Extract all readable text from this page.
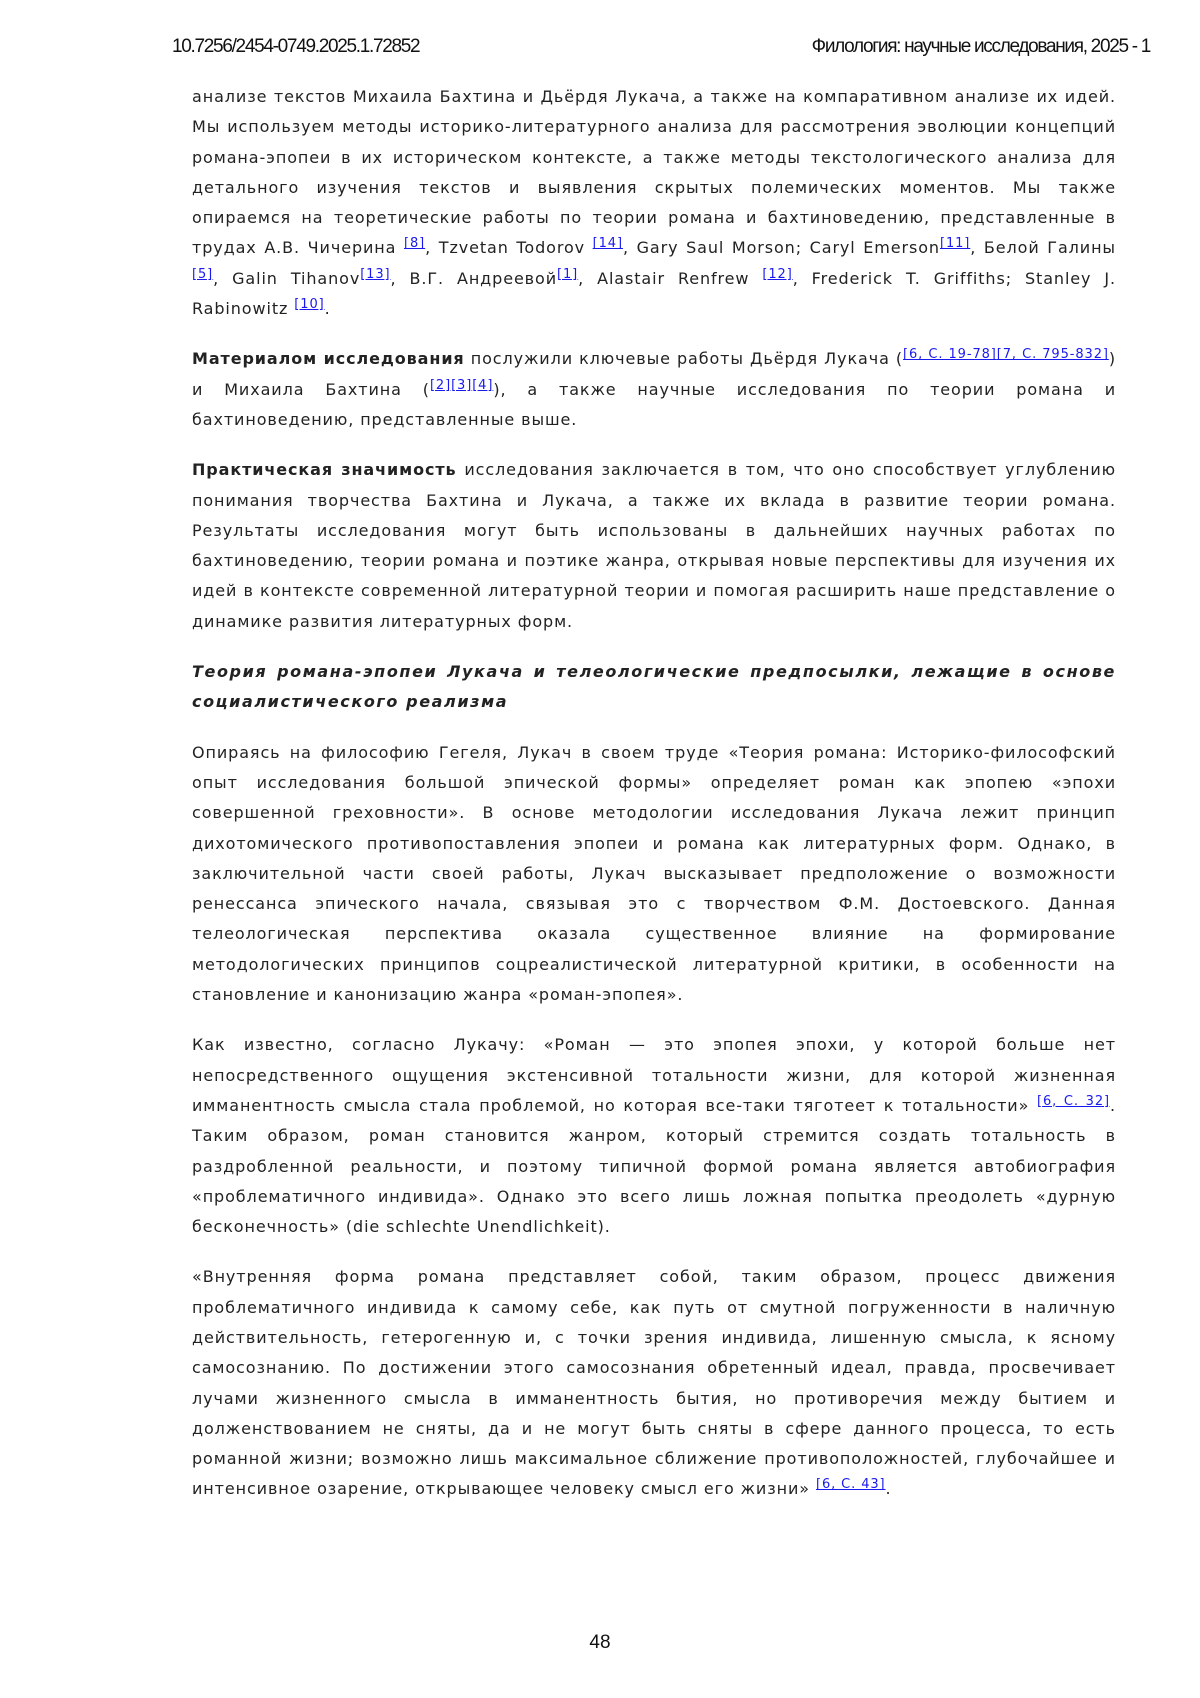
10.7256/2454-0749.2025.1.72852	Филология: научные исследования, 2025 - 1

анализе текстов Михаила Бахтина и Дьёрдя Лукача, а также на компаративном анализе их идей. Мы используем методы историко-литературного анализа для рассмотрения эволюции концепций романа-эпопеи в их историческом контексте, а также методы текстологического анализа для детального изучения текстов и выявления скрытых полемических моментов. Мы также опираемся на теоретические работы по теории романа и бахтиноведению, представленные в трудах А.В. Чичерина [8], Tzvetan Todorov [14], Gary Saul Morson; Caryl Emerson[11], Белой Галины [5], Galin Tihanov[13], В.Г. Андреевой[1], Alastair Renfrew [12], Frederick T. Griffiths; Stanley J. Rabinowitz [10].

Материалом исследования послужили ключевые работы Дьёрдя Лукача ([6, С. 19-78][7, С. 795-832]) и Михаила Бахтина ([2][3][4]), а также научные исследования по теории романа и бахтиноведению, представленные выше.

Практическая значимость исследования заключается в том, что оно способствует углублению понимания творчества Бахтина и Лукача, а также их вклада в развитие теории романа. Результаты исследования могут быть использованы в дальнейших научных работах по бахтиноведению, теории романа и поэтике жанра, открывая новые перспективы для изучения их идей в контексте современной литературной теории и помогая расширить наше представление о динамике развития литературных форм.

Теория романа-эпопеи Лукача и телеологические предпосылки, лежащие в основе социалистического реализма

Опираясь на философию Гегеля, Лукач в своем труде «Теория романа: Историко-философский опыт исследования большой эпической формы» определяет роман как эпопею «эпохи совершенной греховности». В основе методологии исследования Лукача лежит принцип дихотомического противопоставления эпопеи и романа как литературных форм. Однако, в заключительной части своей работы, Лукач высказывает предположение о возможности ренессанса эпического начала, связывая это с творчеством Ф.М. Достоевского. Данная телеологическая перспектива оказала существенное влияние на формирование методологических принципов соцреалистической литературной критики, в особенности на становление и канонизацию жанра «роман-эпопея».

Как известно, согласно Лукачу: «Роман — это эпопея эпохи, у которой больше нет непосредственного ощущения экстенсивной тотальности жизни, для которой жизненная имманентность смысла стала проблемой, но которая все-таки тяготеет к тотальности» [6, С. 32]. Таким образом, роман становится жанром, который стремится создать тотальность в раздробленной реальности, и поэтому типичной формой романа является автобиография «проблематичного индивида». Однако это всего лишь ложная попытка преодолеть «дурную бесконечность» (die schlechte Unendlichkeit).

«Внутренняя форма романа представляет собой, таким образом, процесс движения проблематичного индивида к самому себе, как путь от смутной погруженности в наличную действительность, гетерогенную и, с точки зрения индивида, лишенную смысла, к ясному самосознанию. По достижении этого самосознания обретенный идеал, правда, просвечивает лучами жизненного смысла в имманентность бытия, но противоречия между бытием и долженствованием не сняты, да и не могут быть сняты в сфере данного процесса, то есть романной жизни; возможно лишь максимальное сближение противоположностей, глубочайшее и интенсивное озарение, открывающее человеку смысл его жизни» [6, С. 43].

48
